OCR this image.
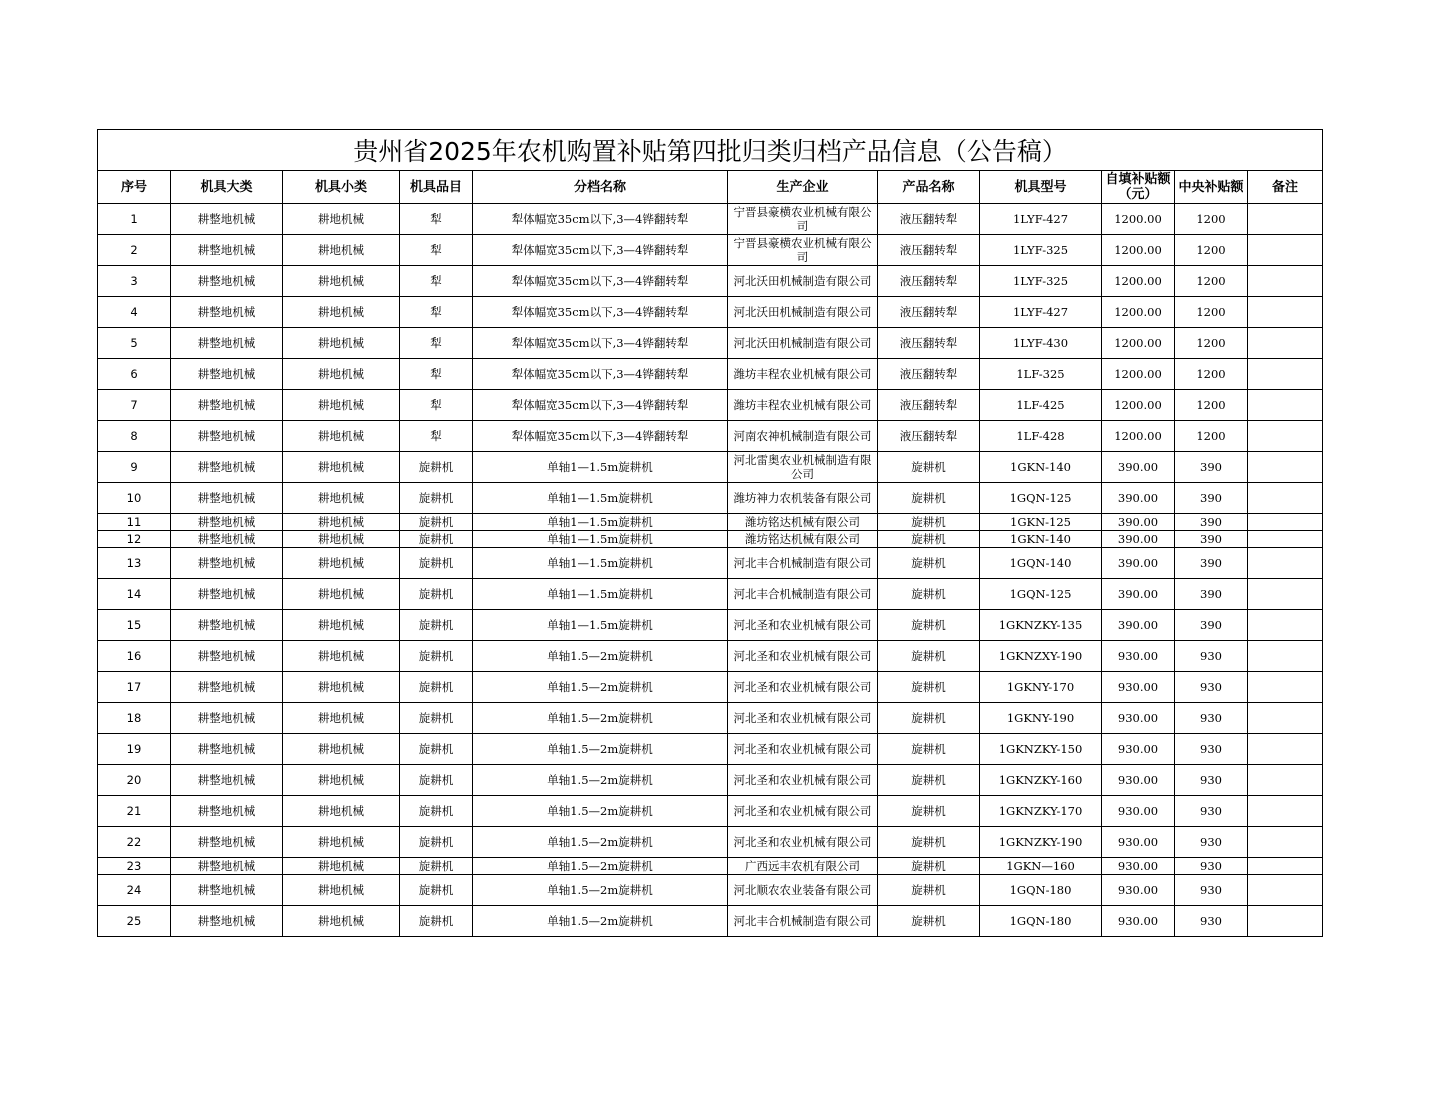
贵州省2025年农机购置补贴第四批归类归档产品信息（公告稿）										
序号	机具大类	机具小类	机具品目	分档名称	生产企业	产品名称	机具型号	自填补贴额（元）	中央补贴额	备注
1	耕整地机械	耕地机械	犁	犁体幅宽35cm以下,3—4铧翻转犁	宁晋县豪横农业机械有限公司	液压翻转犁	1LYF-427	1200.00	1200	
2	耕整地机械	耕地机械	犁	犁体幅宽35cm以下,3—4铧翻转犁	宁晋县豪横农业机械有限公司	液压翻转犁	1LYF-325	1200.00	1200	
3	耕整地机械	耕地机械	犁	犁体幅宽35cm以下,3—4铧翻转犁	河北沃田机械制造有限公司	液压翻转犁	1LYF-325	1200.00	1200	
4	耕整地机械	耕地机械	犁	犁体幅宽35cm以下,3—4铧翻转犁	河北沃田机械制造有限公司	液压翻转犁	1LYF-427	1200.00	1200	
5	耕整地机械	耕地机械	犁	犁体幅宽35cm以下,3—4铧翻转犁	河北沃田机械制造有限公司	液压翻转犁	1LYF-430	1200.00	1200	
6	耕整地机械	耕地机械	犁	犁体幅宽35cm以下,3—4铧翻转犁	潍坊丰程农业机械有限公司	液压翻转犁	1LF-325	1200.00	1200	
7	耕整地机械	耕地机械	犁	犁体幅宽35cm以下,3—4铧翻转犁	潍坊丰程农业机械有限公司	液压翻转犁	1LF-425	1200.00	1200	
8	耕整地机械	耕地机械	犁	犁体幅宽35cm以下,3—4铧翻转犁	河南农神机械制造有限公司	液压翻转犁	1LF-428	1200.00	1200	
9	耕整地机械	耕地机械	旋耕机	单轴1—1.5m旋耕机	河北雷奥农业机械制造有限公司	旋耕机	1GKN-140	390.00	390	
10	耕整地机械	耕地机械	旋耕机	单轴1—1.5m旋耕机	潍坊神力农机装备有限公司	旋耕机	1GQN-125	390.00	390	
11	耕整地机械	耕地机械	旋耕机	单轴1—1.5m旋耕机	潍坊铭达机械有限公司	旋耕机	1GKN-125	390.00	390	
12	耕整地机械	耕地机械	旋耕机	单轴1—1.5m旋耕机	潍坊铭达机械有限公司	旋耕机	1GKN-140	390.00	390	
13	耕整地机械	耕地机械	旋耕机	单轴1—1.5m旋耕机	河北丰合机械制造有限公司	旋耕机	1GQN-140	390.00	390	
14	耕整地机械	耕地机械	旋耕机	单轴1—1.5m旋耕机	河北丰合机械制造有限公司	旋耕机	1GQN-125	390.00	390	
15	耕整地机械	耕地机械	旋耕机	单轴1—1.5m旋耕机	河北圣和农业机械有限公司	旋耕机	1GKNZKY-135	390.00	390	
16	耕整地机械	耕地机械	旋耕机	单轴1.5—2m旋耕机	河北圣和农业机械有限公司	旋耕机	1GKNZXY-190	930.00	930	
17	耕整地机械	耕地机械	旋耕机	单轴1.5—2m旋耕机	河北圣和农业机械有限公司	旋耕机	1GKNY-170	930.00	930	
18	耕整地机械	耕地机械	旋耕机	单轴1.5—2m旋耕机	河北圣和农业机械有限公司	旋耕机	1GKNY-190	930.00	930	
19	耕整地机械	耕地机械	旋耕机	单轴1.5—2m旋耕机	河北圣和农业机械有限公司	旋耕机	1GKNZKY-150	930.00	930	
20	耕整地机械	耕地机械	旋耕机	单轴1.5—2m旋耕机	河北圣和农业机械有限公司	旋耕机	1GKNZKY-160	930.00	930	
21	耕整地机械	耕地机械	旋耕机	单轴1.5—2m旋耕机	河北圣和农业机械有限公司	旋耕机	1GKNZKY-170	930.00	930	
22	耕整地机械	耕地机械	旋耕机	单轴1.5—2m旋耕机	河北圣和农业机械有限公司	旋耕机	1GKNZKY-190	930.00	930	
23	耕整地机械	耕地机械	旋耕机	单轴1.5—2m旋耕机	广西远丰农机有限公司	旋耕机	1GKN—160	930.00	930	
24	耕整地机械	耕地机械	旋耕机	单轴1.5—2m旋耕机	河北顺农农业装备有限公司	旋耕机	1GQN-180	930.00	930	
25	耕整地机械	耕地机械	旋耕机	单轴1.5—2m旋耕机	河北丰合机械制造有限公司	旋耕机	1GQN-180	930.00	930	
